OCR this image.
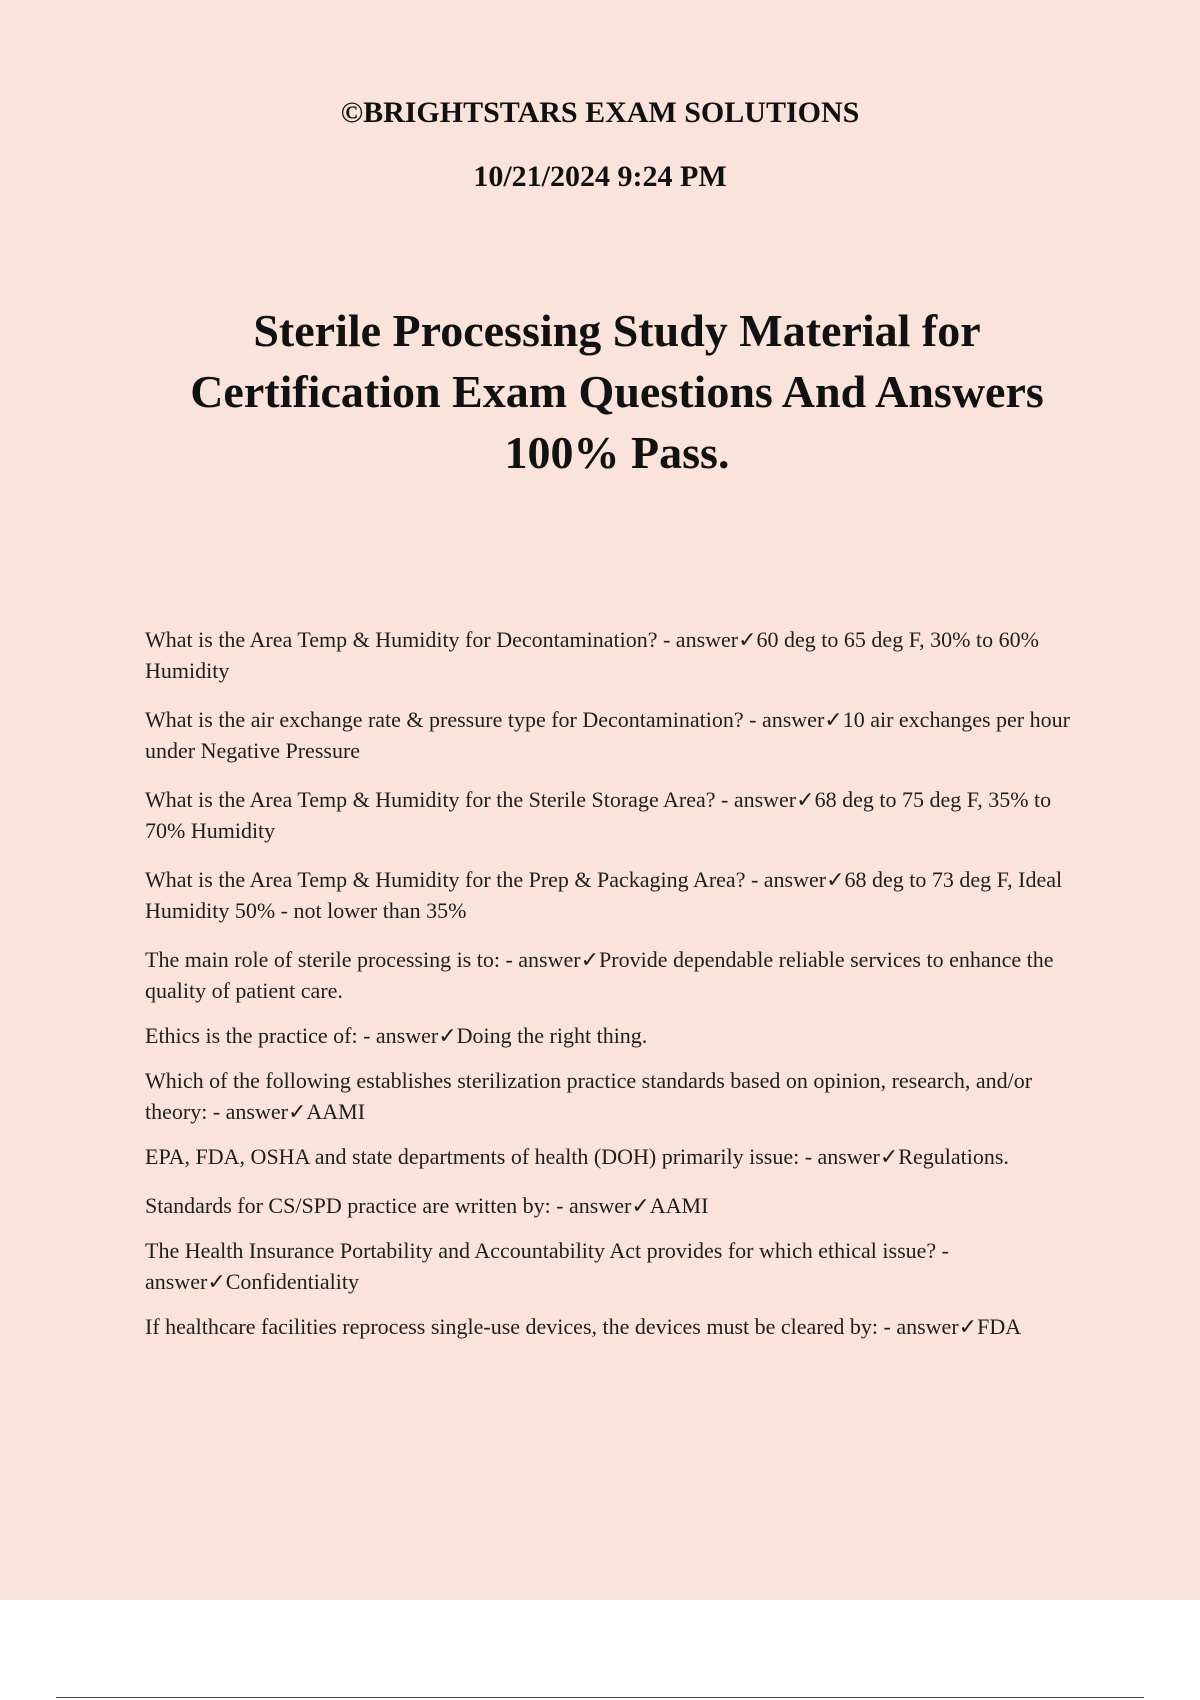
©BRIGHTSTARS EXAM SOLUTIONS
10/21/2024 9:24 PM
Sterile Processing Study Material for
Certification Exam Questions And Answers
100% Pass.

What is the Area Temp & Humidity for Decontamination? - answer✓60 deg to 65 deg F, 30% to 60% Humidity

What is the air exchange rate & pressure type for Decontamination? - answer✓10 air exchanges per hour under Negative Pressure

What is the Area Temp & Humidity for the Sterile Storage Area? - answer✓68 deg to 75 deg F, 35% to 70% Humidity

What is the Area Temp & Humidity for the Prep & Packaging Area? - answer✓68 deg to 73 deg F, Ideal Humidity 50% - not lower than 35%

The main role of sterile processing is to: - answer✓Provide dependable reliable services to enhance the quality of patient care.

Ethics is the practice of: - answer✓Doing the right thing.

Which of the following establishes sterilization practice standards based on opinion, research, and/or theory: - answer✓AAMI

EPA, FDA, OSHA and state departments of health (DOH) primarily issue: - answer✓Regulations.

Standards for CS/SPD practice are written by: - answer✓AAMI

The Health Insurance Portability and Accountability Act provides for which ethical issue? - answer✓Confidentiality

If healthcare facilities reprocess single-use devices, the devices must be cleared by: - answer✓FDA
